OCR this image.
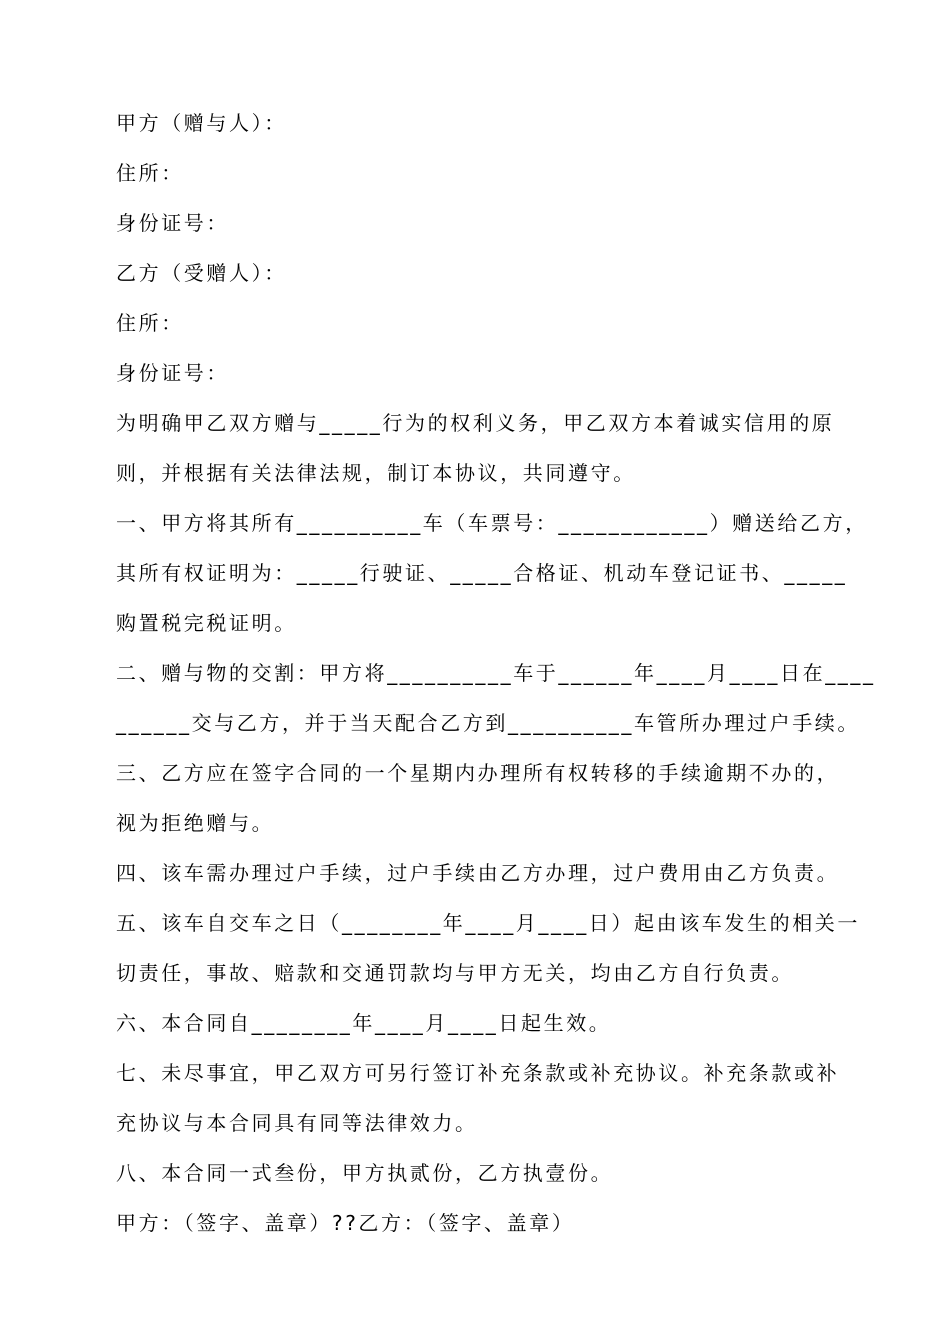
甲方（赠与人）：
住所：
身份证号：
乙方（受赠人）：
住所：
身份证号：
为明确甲乙双方赠与_____行为的权利义务，甲乙双方本着诚实信用的原
则，并根据有关法律法规，制订本协议，共同遵守。
一、甲方将其所有__________车（车票号：____________）赠送给乙方，
其所有权证明为：_____行驶证、_____合格证、机动车登记证书、_____
购置税完税证明。
二、赠与物的交割：甲方将__________车于______年____月____日在____
______交与乙方，并于当天配合乙方到__________车管所办理过户手续。
三、乙方应在签字合同的一个星期内办理所有权转移的手续逾期不办的，
视为拒绝赠与。
四、该车需办理过户手续，过户手续由乙方办理，过户费用由乙方负责。
五、该车自交车之日（________年____月____日）起由该车发生的相关一
切责任，事故、赔款和交通罚款均与甲方无关，均由乙方自行负责。
六、本合同自________年____月____日起生效。
七、未尽事宜，甲乙双方可另行签订补充条款或补充协议。补充条款或补
充协议与本合同具有同等法律效力。
八、本合同一式叁份，甲方执贰份，乙方执壹份。
甲方：（签字、盖章）??乙方：（签字、盖章）
